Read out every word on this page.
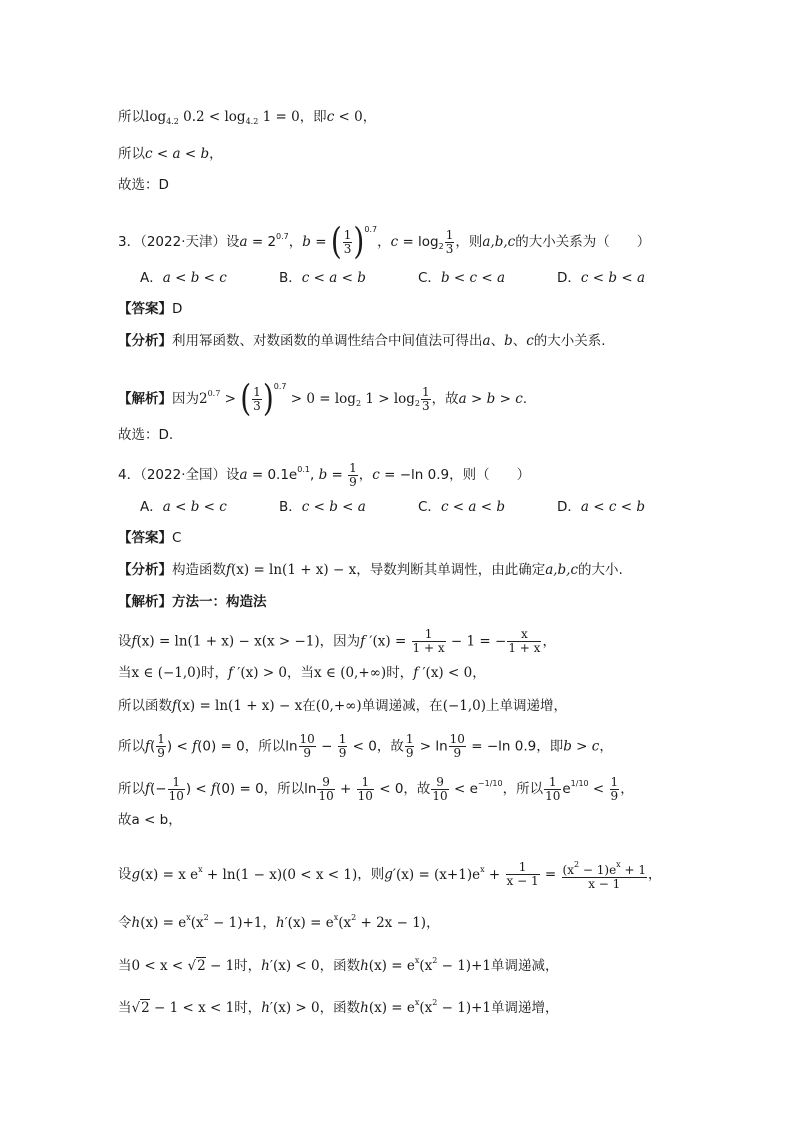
所以$\log_{4.2} 0.2 < \log_{4.2} 1 = 0$，即c < 0，
所以c < a < b，
故选：D
3．（2022·天津）设$a = 2^{0.7}$，b = ( $\frac{1}{3} )^{0.7}$，$c = \log_2 \frac{1}{3}$ ，则a,b,c的大小关系为（　　）
A．a < b < c	B．c < a < b	C．b < c < a	D．c < b < a
【答案】D
【分析】利用幂函数、对数函数的单调性结合中间值法可得出a、b、c的大小关系.
【解析】因为$2^{0.7}$ > ( $\frac{1}{3} )^{0.7} > 0 = \log_2 1 > \log_2 \frac{1}{3}$ ，故a > b > c.
故选：D.
4．（2022·全国）设$a = 0.1e^{0.1}$, $b = \frac{1}{9}$ ，c = −ln 0.9，则（　　）
A．a < b < c	B．c < b < a	C．c < a < b	D．a < c < b
【答案】C
【分析】构造函数f(x) = ln(1 + x) − x，导数判断其单调性，由此确定a,b,c的大小.
【解析】方法一：构造法
设f(x) = ln(1 + x) − x(x > −1)，因为f $'(x) = \frac{1}{1 + x} - 1$ = − $\frac{x}{1 + x}$ ，
当x ∈ (−1,0)时，f ′(x) > 0，当x ∈ (0,+∞)时，f ′(x) < 0，
所以函数f(x) = ln(1 + x) − x在(0,+∞)单调递减，在(−1,0)上单调递增，
所以$f( \frac{1}{9}$ ) < f(0) = 0，所以$\ln \frac{10}{9} - \frac{1}{9} < 0$，故 $\frac{1}{9} > \ln \frac{10}{9} = -\ln$ 0.9，即b > c，
所以$f(- \frac{1}{10}$ ) < f(0) = 0，所以$\ln \frac{9}{10} + \frac{1}{10} < 0$，故 $\frac{9}{10} < e^{-1/10}$，所以 $\frac{1}{10} e^{1/10} < \frac{1}{9}$ ，
故a < b，
设g(x) = x $e^x + \ln(1 - x)(0 < x < 1)$，则$g'(x) = (x+1)e^x + \frac{1}{x - 1} = \frac{(x^2 - 1)e^x + 1}{x - 1}$ ，
令$h(x) = e^x(x^2 - 1)+1$，$h'(x) = e^x(x^2 + 2x - 1)$，
当0 < x < √2 − 1时，h′(x) < 0，函数$h(x) = e^x(x^2 - 1)+1$单调递减，
当√2 − 1 < x < 1时，h′(x) > 0，函数$h(x) = e^x(x^2 - 1)+1$单调递增，
